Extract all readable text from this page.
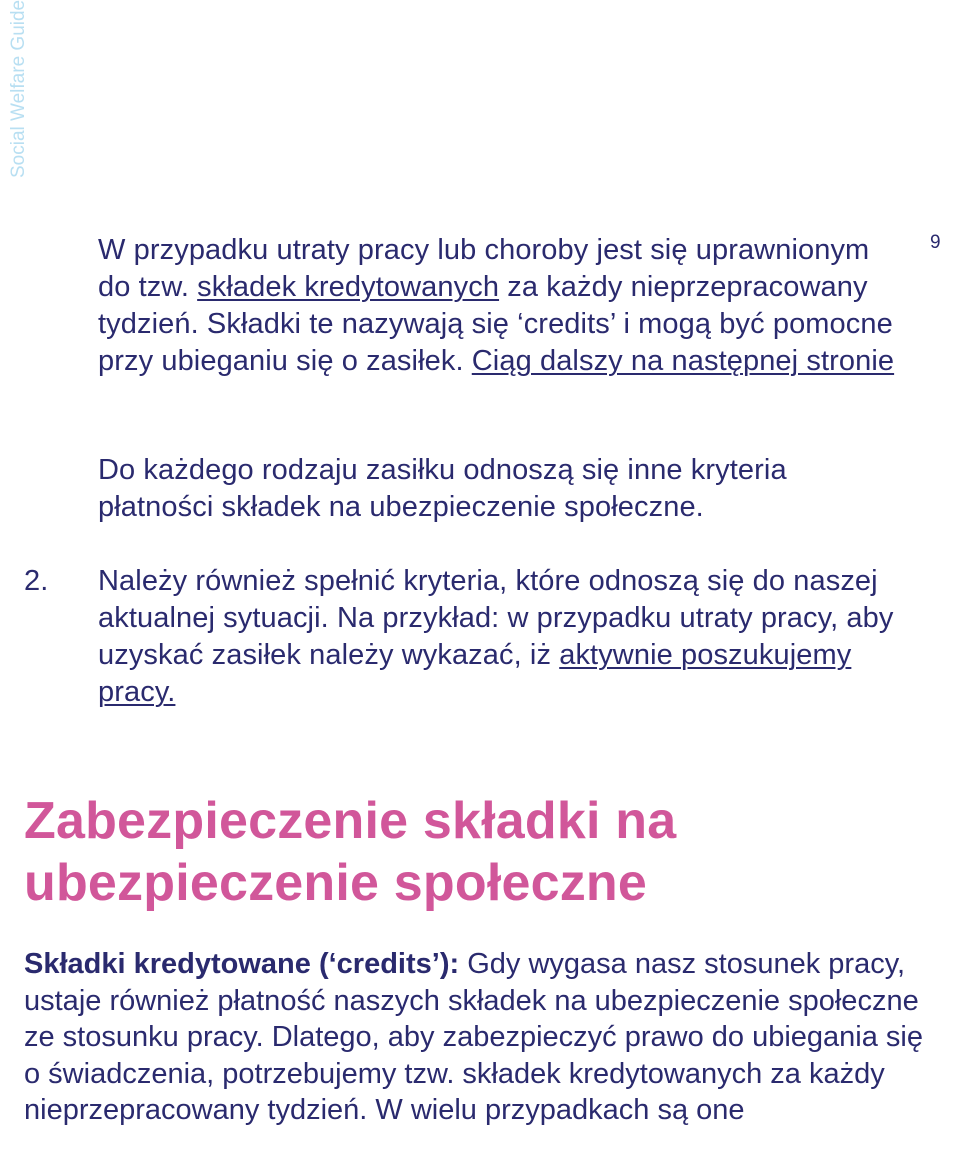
Social Welfare Guide
9

W przypadku utraty pracy lub choroby jest się uprawnionym do tzw. składek kredytowanych za każdy nieprzepracowany tydzień. Składki te nazywają się ‘credits’ i mogą być pomocne przy ubieganiu się o zasiłek. Ciąg dalszy na następnej stronie

Do każdego rodzaju zasiłku odnoszą się inne kryteria płatności składek na ubezpieczenie społeczne.

2. Należy również spełnić kryteria, które odnoszą się do naszej aktualnej sytuacji. Na przykład: w przypadku utraty pracy, aby uzyskać zasiłek należy wykazać, iż aktywnie poszukujemy pracy.

Zabezpieczenie składki na ubezpieczenie społeczne

Składki kredytowane (‘credits’): Gdy wygasa nasz stosunek pracy, ustaje również płatność naszych składek na ubezpieczenie społeczne ze stosunku pracy. Dlatego, aby zabezpieczyć prawo do ubiegania się o świadczenia, potrzebujemy tzw. składek kredytowanych za każdy nieprzepracowany tydzień. W wielu przypadkach są one
